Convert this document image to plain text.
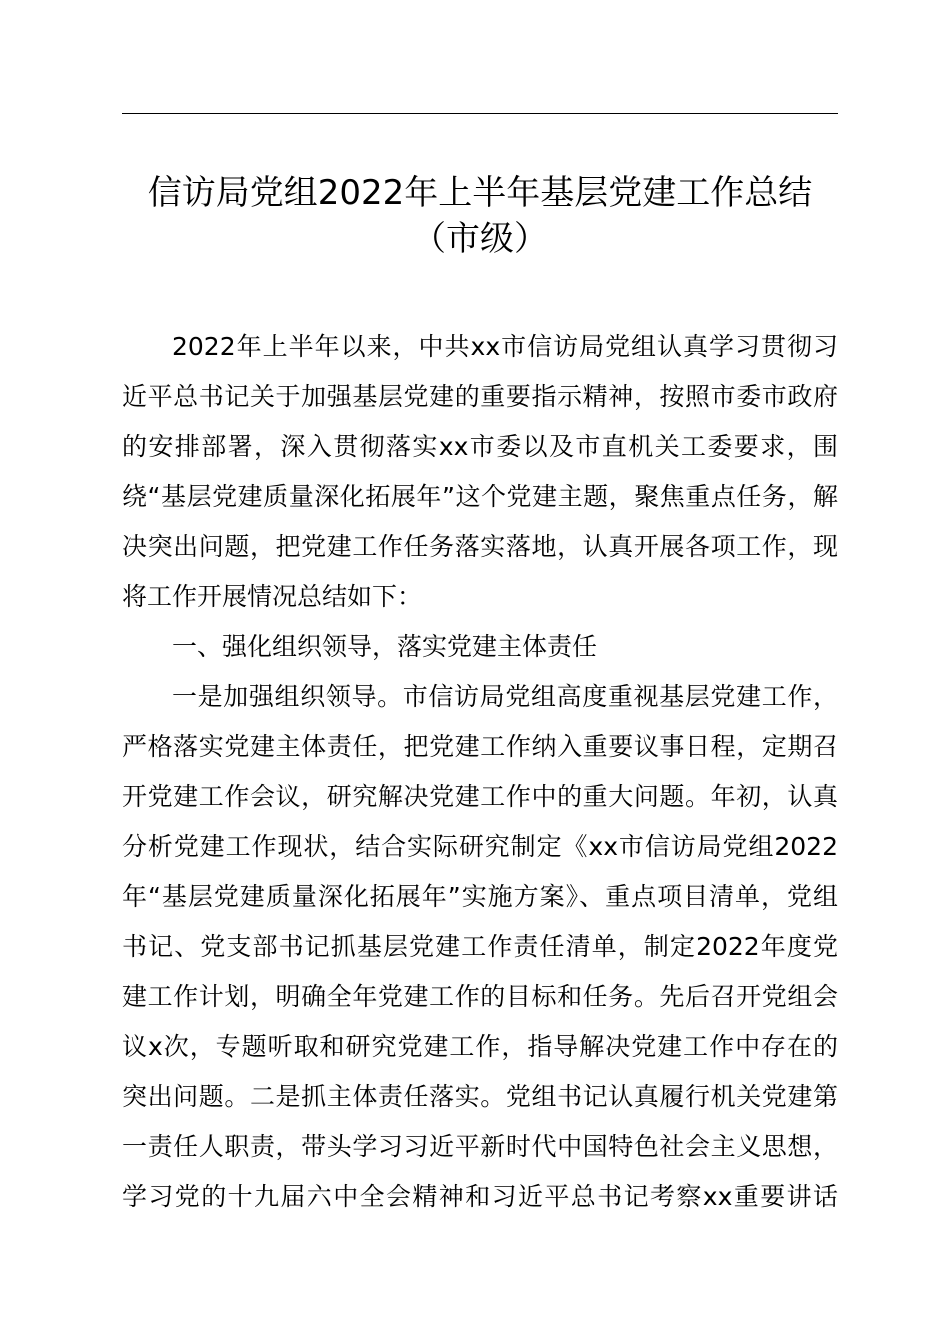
信访局党组2022年上半年基层党建工作总结
（市级）
2022年上半年以来，中共xx市信访局党组认真学习贯彻习
近平总书记关于加强基层党建的重要指示精神，按照市委市政府
的安排部署，深入贯彻落实xx市委以及市直机关工委要求，围
绕“基层党建质量深化拓展年”这个党建主题，聚焦重点任务，解
决突出问题，把党建工作任务落实落地，认真开展各项工作，现
将工作开展情况总结如下：
一、强化组织领导，落实党建主体责任
一是加强组织领导。市信访局党组高度重视基层党建工作，
严格落实党建主体责任，把党建工作纳入重要议事日程，定期召
开党建工作会议，研究解决党建工作中的重大问题。年初，认真
分析党建工作现状，结合实际研究制定《xx市信访局党组2022
年“基层党建质量深化拓展年”实施方案》、重点项目清单，党组
书记、党支部书记抓基层党建工作责任清单，制定2022年度党
建工作计划，明确全年党建工作的目标和任务。先后召开党组会
议x次，专题听取和研究党建工作，指导解决党建工作中存在的
突出问题。二是抓主体责任落实。党组书记认真履行机关党建第
一责任人职责，带头学习习近平新时代中国特色社会主义思想，
学习党的十九届六中全会精神和习近平总书记考察xx重要讲话
